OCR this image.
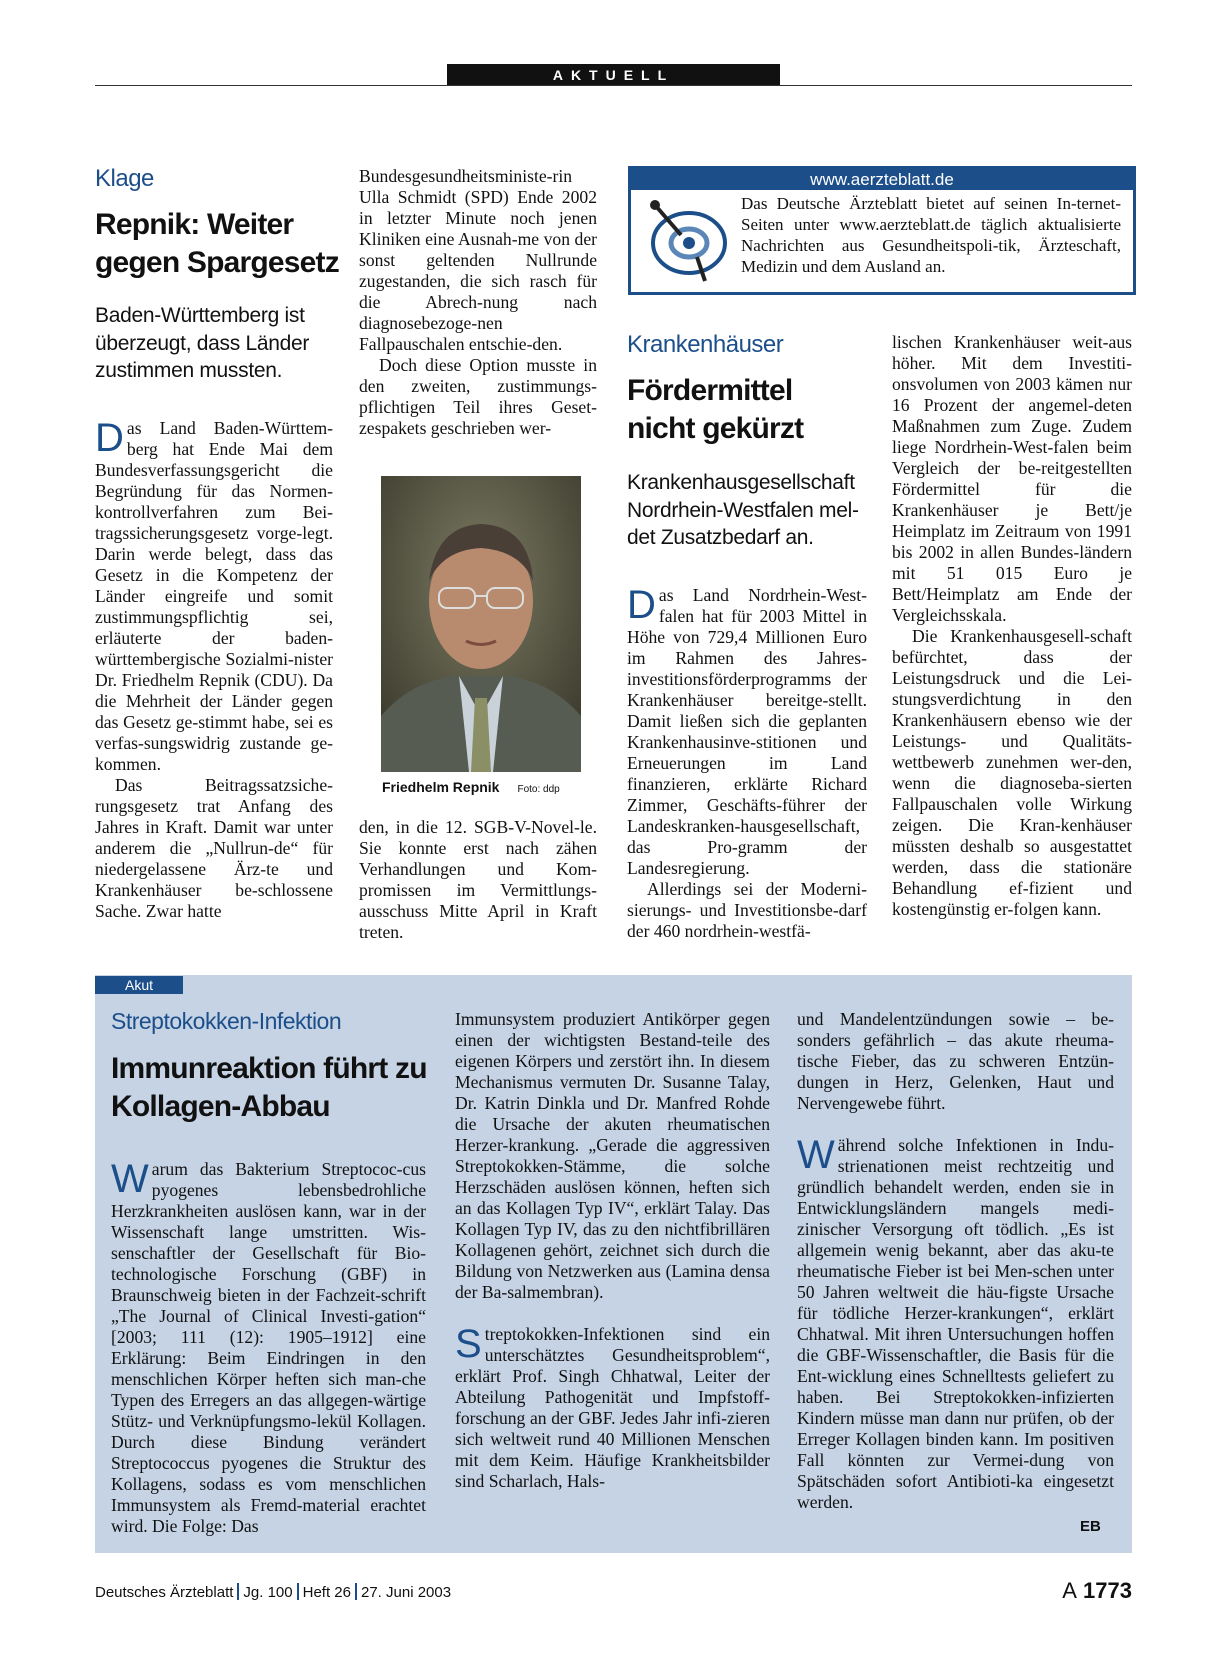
AKTUELL
Klage
Repnik: Weiter gegen Spargesetz
Baden-Württemberg ist überzeugt, dass Länder zustimmen mussten.

Das Land Baden-Württem-berg hat Ende Mai dem Bundesverfassungsgericht die Begründung für das Normen-kontrollverfahren zum Bei-tragssicherungsgesetz vorge-legt. Darin werde belegt, dass das Gesetz in die Kompetenz der Länder eingreife und somit zustimmungspflichtig sei, erläuterte der baden-württembergische Sozialmi-nister Dr. Friedhelm Repnik (CDU). Da die Mehrheit der Länder gegen das Gesetz ge-stimmt habe, sei es verfas-sungswidrig zustande ge-kommen.

Das Beitragssatzsiche-rungsgesetz trat Anfang des Jahres in Kraft. Damit war unter anderem die „Nullrun-de“ für niedergelassene Ärz-te und Krankenhäuser be-schlossene Sache. Zwar hatte

Bundesgesundheitsministe-rin Ulla Schmidt (SPD) Ende 2002 in letzter Minute noch jenen Kliniken eine Ausnah-me von der sonst geltenden Nullrunde zugestanden, die sich rasch für die Abrech-nung nach diagnosebezoge-nen Fallpauschalen entschie-den.

Doch diese Option musste in den zweiten, zustimmungs-pflichtigen Teil ihres Geset-zespakets geschrieben wer-

Friedhelm Repnik Foto: ddp

den, in die 12. SGB-V-Novel-le. Sie konnte erst nach zähen Verhandlungen und Kom-promissen im Vermittlungs-ausschuss Mitte April in Kraft treten.

www.aerzteblatt.de
Das Deutsche Ärzteblatt bietet auf seinen In-ternet-Seiten unter www.aerzteblatt.de täglich aktualisierte Nachrichten aus Gesundheitspoli-tik, Ärzteschaft, Medizin und dem Ausland an.
Krankenhäuser
Fördermittel nicht gekürzt
Krankenhausgesellschaft Nordrhein-Westfalen mel-det Zusatzbedarf an.

Das Land Nordrhein-West-falen hat für 2003 Mittel in Höhe von 729,4 Millionen Euro im Rahmen des Jahres-investitionsförderprogramms der Krankenhäuser bereitge-stellt. Damit ließen sich die geplanten Krankenhausinve-stitionen und Erneuerungen im Land finanzieren, erklärte Richard Zimmer, Geschäfts-führer der Landeskranken-hausgesellschaft, das Pro-gramm der Landesregierung.

Allerdings sei der Moderni-sierungs- und Investitionsbe-darf der 460 nordrhein-westfä-

lischen Krankenhäuser weit-aus höher. Mit dem Investiti-onsvolumen von 2003 kämen nur 16 Prozent der angemel-deten Maßnahmen zum Zuge. Zudem liege Nordrhein-West-falen beim Vergleich der be-reitgestellten Fördermittel für die Krankenhäuser je Bett/je Heimplatz im Zeitraum von 1991 bis 2002 in allen Bundes-ländern mit 51 015 Euro je Bett/Heimplatz am Ende der Vergleichsskala.

Die Krankenhausgesell-schaft befürchtet, dass der Leistungsdruck und die Lei-stungsverdichtung in den Krankenhäusern ebenso wie der Leistungs- und Qualitäts-wettbewerb zunehmen wer-den, wenn die diagnoseba-sierten Fallpauschalen volle Wirkung zeigen. Die Kran-kenhäuser müssten deshalb so ausgestattet werden, dass die stationäre Behandlung ef-fizient und kostengünstig er-folgen kann.

Akut
Streptokokken-Infektion
Immunreaktion führt zu Kollagen-Abbau

Warum das Bakterium Streptococ-cus pyogenes lebensbedrohliche Herzkrankheiten auslösen kann, war in der Wissenschaft lange umstritten. Wis-senschaftler der Gesellschaft für Bio-technologische Forschung (GBF) in Braunschweig bieten in der Fachzeit-schrift „The Journal of Clinical Investi-gation“ [2003; 111 (12): 1905–1912] eine Erklärung: Beim Eindringen in den menschlichen Körper heften sich man-che Typen des Erregers an das allgegen-wärtige Stütz- und Verknüpfungsmo-lekül Kollagen. Durch diese Bindung verändert Streptococcus pyogenes die Struktur des Kollagens, sodass es vom menschlichen Immunsystem als Fremd-material erachtet wird. Die Folge: Das

Immunsystem produziert Antikörper gegen einen der wichtigsten Bestand-teile des eigenen Körpers und zerstört ihn. In diesem Mechanismus vermuten Dr. Susanne Talay, Dr. Katrin Dinkla und Dr. Manfred Rohde die Ursache der akuten rheumatischen Herzer-krankung. „Gerade die aggressiven Streptokokken-Stämme, die solche Herzschäden auslösen können, heften sich an das Kollagen Typ IV“, erklärt Talay. Das Kollagen Typ IV, das zu den nichtfibrillären Kollagenen gehört, zeichnet sich durch die Bildung von Netzwerken aus (Lamina densa der Ba-salmembran).

Streptokokken-Infektionen sind ein unterschätztes Gesundheitsproblem“, erklärt Prof. Singh Chhatwal, Leiter der Abteilung Pathogenität und Impfstoff-forschung an der GBF. Jedes Jahr infi-zieren sich weltweit rund 40 Millionen Menschen mit dem Keim. Häufige Krankheitsbilder sind Scharlach, Hals-

und Mandelentzündungen sowie – be-sonders gefährlich – das akute rheuma-tische Fieber, das zu schweren Entzün-dungen in Herz, Gelenken, Haut und Nervengewebe führt.

Während solche Infektionen in Indu-strienationen meist rechtzeitig und gründlich behandelt werden, enden sie in Entwicklungsländern mangels medi-zinischer Versorgung oft tödlich. „Es ist allgemein wenig bekannt, aber das aku-te rheumatische Fieber ist bei Men-schen unter 50 Jahren weltweit die häu-figste Ursache für tödliche Herzer-krankungen“, erklärt Chhatwal. Mit ihren Untersuchungen hoffen die GBF-Wissenschaftler, die Basis für die Ent-wicklung eines Schnelltests geliefert zu haben. Bei Streptokokken-infizierten Kindern müsse man dann nur prüfen, ob der Erreger Kollagen binden kann. Im positiven Fall könnten zur Vermei-dung von Spätschäden sofort Antibioti-ka eingesetzt werden.

EB
Deutsches Ärzteblatt Jg. 100 Heft 26 27. Juni 2003	A 1773
